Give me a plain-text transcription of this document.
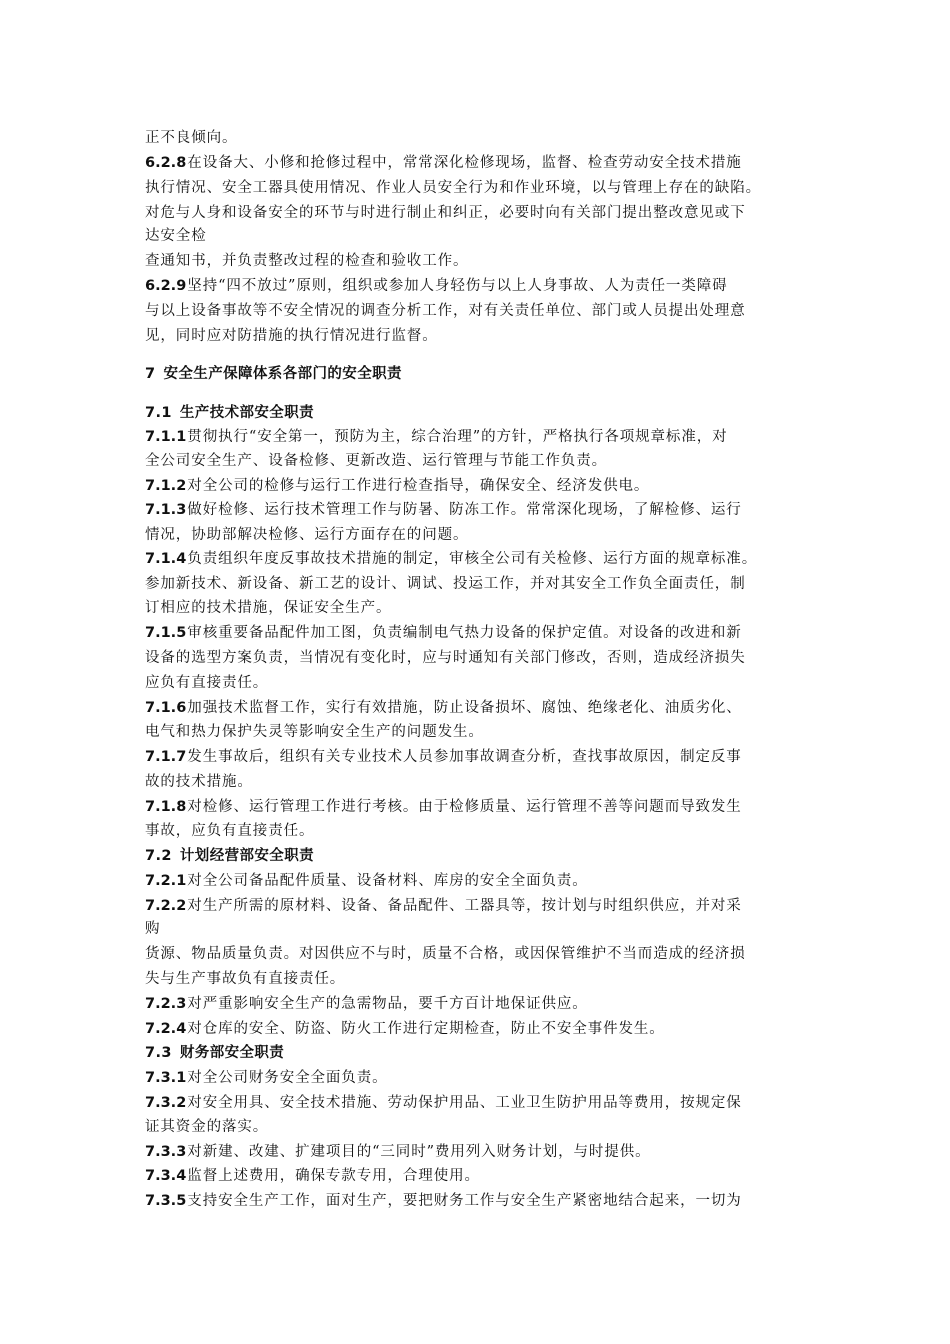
正不良倾向。
6.2.8在设备大、小修和抢修过程中，常常深化检修现场，监督、检查劳动安全技术措施
执行情况、安全工器具使用情况、作业人员安全行为和作业环境，以与管理上存在的缺陷。
对危与人身和设备安全的环节与时进行制止和纠正，必要时向有关部门提出整改意见或下
达安全检
查通知书，并负责整改过程的检查和验收工作。
6.2.9坚持“四不放过”原则，组织或参加人身轻伤与以上人身事故、人为责任一类障碍
与以上设备事故等不安全情况的调查分析工作，对有关责任单位、部门或人员提出处理意
见，同时应对防措施的执行情况进行监督。
7 安全生产保障体系各部门的安全职责
7.1 生产技术部安全职责
7.1.1贯彻执行“安全第一，预防为主，综合治理”的方针，严格执行各项规章标准，对
全公司安全生产、设备检修、更新改造、运行管理与节能工作负责。
7.1.2对全公司的检修与运行工作进行检查指导，确保安全、经济发供电。
7.1.3做好检修、运行技术管理工作与防暑、防冻工作。常常深化现场，了解检修、运行
情况，协助部解决检修、运行方面存在的问题。
7.1.4负责组织年度反事故技术措施的制定，审核全公司有关检修、运行方面的规章标准。
参加新技术、新设备、新工艺的设计、调试、投运工作，并对其安全工作负全面责任，制
订相应的技术措施，保证安全生产。
7.1.5审核重要备品配件加工图，负责编制电气热力设备的保护定值。对设备的改进和新
设备的选型方案负责，当情况有变化时，应与时通知有关部门修改，否则，造成经济损失
应负有直接责任。
7.1.6加强技术监督工作，实行有效措施，防止设备损坏、腐蚀、绝缘老化、油质劣化、
电气和热力保护失灵等影响安全生产的问题发生。
7.1.7发生事故后，组织有关专业技术人员参加事故调查分析，查找事故原因，制定反事
故的技术措施。
7.1.8对检修、运行管理工作进行考核。由于检修质量、运行管理不善等问题而导致发生
事故，应负有直接责任。
7.2 计划经营部安全职责
7.2.1对全公司备品配件质量、设备材料、库房的安全全面负责。
7.2.2对生产所需的原材料、设备、备品配件、工器具等，按计划与时组织供应，并对采
购
货源、物品质量负责。对因供应不与时，质量不合格，或因保管维护不当而造成的经济损
失与生产事故负有直接责任。
7.2.3对严重影响安全生产的急需物品，要千方百计地保证供应。
7.2.4对仓库的安全、防盗、防火工作进行定期检查，防止不安全事件发生。
7.3 财务部安全职责
7.3.1对全公司财务安全全面负责。
7.3.2对安全用具、安全技术措施、劳动保护用品、工业卫生防护用品等费用，按规定保
证其资金的落实。
7.3.3对新建、改建、扩建项目的“三同时”费用列入财务计划，与时提供。
7.3.4监督上述费用，确保专款专用，合理使用。
7.3.5支持安全生产工作，面对生产，要把财务工作与安全生产紧密地结合起来，一切为
